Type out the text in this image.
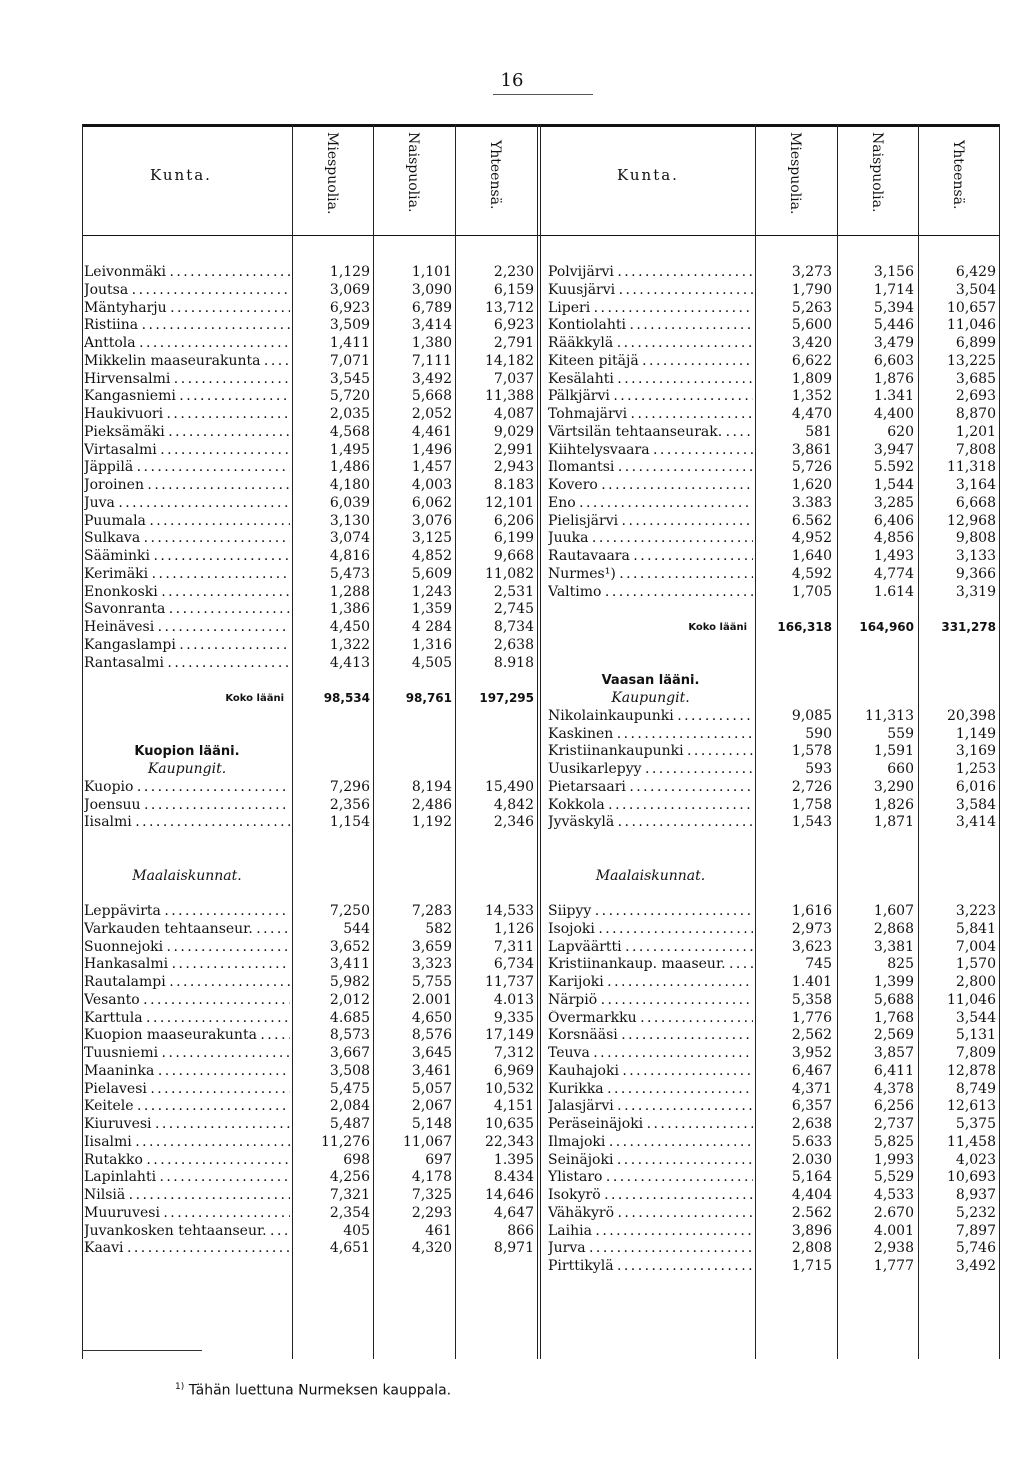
16
Kunta.	Miespuolia.	Naispuolia.	Yhteensä.	Kunta.	Miespuolia.	Naispuolia.	Yhteensä.
Leivonmäki . . .	1,129	1,101	2,230
Joutsa . . .	3,069	3,090	6,159
Mäntyharju . . .	6,923	6,789 13,712
Ristiina . . .	3,509	3,414	6,923
Anttola . . .	1,411	1,380	2,791
Mikkelin maaseurakunta . . .	7,071	7,111 14,182
Hirvensalmi . . .	3,545	3,492	7,037
Kangasniemi . . .	5,720	5,668 11,388
Haukivuori . . .	2,035	2,052	4,087
Pieksämäki . . .	4,568	4,461	9,029
Virtasalmi . . .	1,495	1,496	2,991
Jäppilä . . .	1,486	1,457	2,943
Joroinen . . .	4,180	4,003	8.183
Juva . . .	6,039	6,062 12,101
Puumala . . .	3,130	3,076	6,206
Sulkava . . .	3,074	3,125	6,199
Sääminki . . .	4,816	4,852	9,668
Kerimäki . . .	5,473	5,609 11,082
Enonkoski . . .	1,288	1,243	2,531
Savonranta . . .	1,386	1,359	2,745
Heinävesi . . .	4,450	4 284	8,734
Kangaslampi . . .	1,322	1,316	2,638
Rantasalmi . . .	4,413	4,505	8.918
Koko lääni	98,534	98,761 197,295
Kuopion lääni.
Kaupungit.
Kuopio . . .	7,296	8,194 15,490
Joensuu . . .	2,356	2,486	4,842
Iisalmi . . .	1,154	1,192	2,346
Maalaiskunnat.
Leppävirta . . .	7,250	7,283 14,533
Varkauden tehtaanseur. . . .	544	582	1,126
Suonnejoki . . .	3,652	3,659	7,311
Hankasalmi . . .	3,411	3,323	6,734
Rautalampi . . .	5,982	5,755 11,737
Vesanto . . .	2,012	2.001	4.013
Karttula . . .	4.685	4,650	9,335
Kuopion maaseurakunta . . .	8,573	8,576 17,149
Tuusniemi . . .	3,667	3,645	7,312
Maaninka . . .	3,508	3,461	6,969
Pielavesi . . .	5,475	5,057 10,532
Keitele . . .	2,084	2,067	4,151
Kiuruvesi . . .	5,487	5,148 10,635
Iisalmi . . .	11,276 11,067 22,343
Rutakko . . .	698	697	1.395
Lapinlahti . . .	4,256	4,178	8.434
Nilsiä . . .	7,321	7,325 14,646
Muuruvesi . . .	2,354	2,293	4,647
Juvankosken tehtaanseur. . . .	405	461	866
Kaavi . . .	4,651	4,320	8,971
Polvijärvi . . .	3,273	3,156	6,429
Kuusjärvi . . .	1,790	1,714	3,504
Liperi . . .	5,263	5,394 10,657
Kontiolahti . . .	5,600	5,446 11,046
Rääkkylä . . .	3,420	3,479	6,899
Kiteen pitäjä . . .	6,622	6,603 13,225
Kesälahti . . .	1,809	1,876	3,685
Pälkjärvi . . .	1,352	1.341	2,693
Tohmajärvi . . .	4,470	4,400	8,870
Värtsilän tehtaanseurak. . . .	581	620	1,201
Kiihtelysvaara . . .	3,861	3,947	7,808
Ilomantsi . . .	5,726	5.592 11,318
Kovero . . .	1,620	1,544	3,164
Eno . . .	3.383	3,285	6,668
Pielisjärvi . . .	6.562	6,406 12,968
Juuka . . .	4,952	4,856	9,808
Rautavaara . . .	1,640	1,493	3,133
Nurmes¹) . . .	4,592	4,774	9,366
Valtimo . . .	1,705	1.614	3,319
Koko lääni	166,318 164,960 331,278
Vaasan lääni.
Kaupungit.
Nikolainkaupunki . . .	9,085 11,313 20,398
Kaskinen . . .	590	559	1,149
Kristiinankaupunki . . .	1,578	1,591	3,169
Uusikarlepyy . . .	593	660	1,253
Pietarsaari . . .	2,726	3,290	6,016
Kokkola . . .	1,758	1,826	3,584
Jyväskylä . . .	1,543	1,871	3,414
Maalaiskunnat.
Siipyy . . .	1,616	1,607	3,223
Isojoki . . .	2,973	2,868	5,841
Lapväärtti . . .	3,623	3,381	7,004
Kristiinankaup. maaseur. . . .	745	825	1,570
Karijoki . . .	1.401	1,399	2,800
Närpiö . . .	5,358	5,688 11,046
Övermarkku . . .	1,776	1,768	3,544
Korsnääsi . . .	2,562	2,569	5,131
Teuva . . .	3,952	3,857	7,809
Kauhajoki . . .	6,467	6,411 12,878
Kurikka . . .	4,371	4,378	8,749
Jalasjärvi . . .	6,357	6,256 12,613
Peräseinäjoki . . .	2,638	2,737	5,375
Ilmajoki . . .	5.633	5,825 11,458
Seinäjoki . . .	2.030	1,993	4,023
Ylistaro . . .	5,164	5,529 10,693
Isokyrö . . .	4,404	4,533	8,937
Vähäkyrö . . .	2.562	2.670	5,232
Laihia . . .	3,896	4.001	7,897
Jurva . . .	2,808	2,938	5,746
Pirttikylä . . .	1,715	1,777	3,492
$^{1)}$ Tähän luettuna Nurmeksen kauppala.
